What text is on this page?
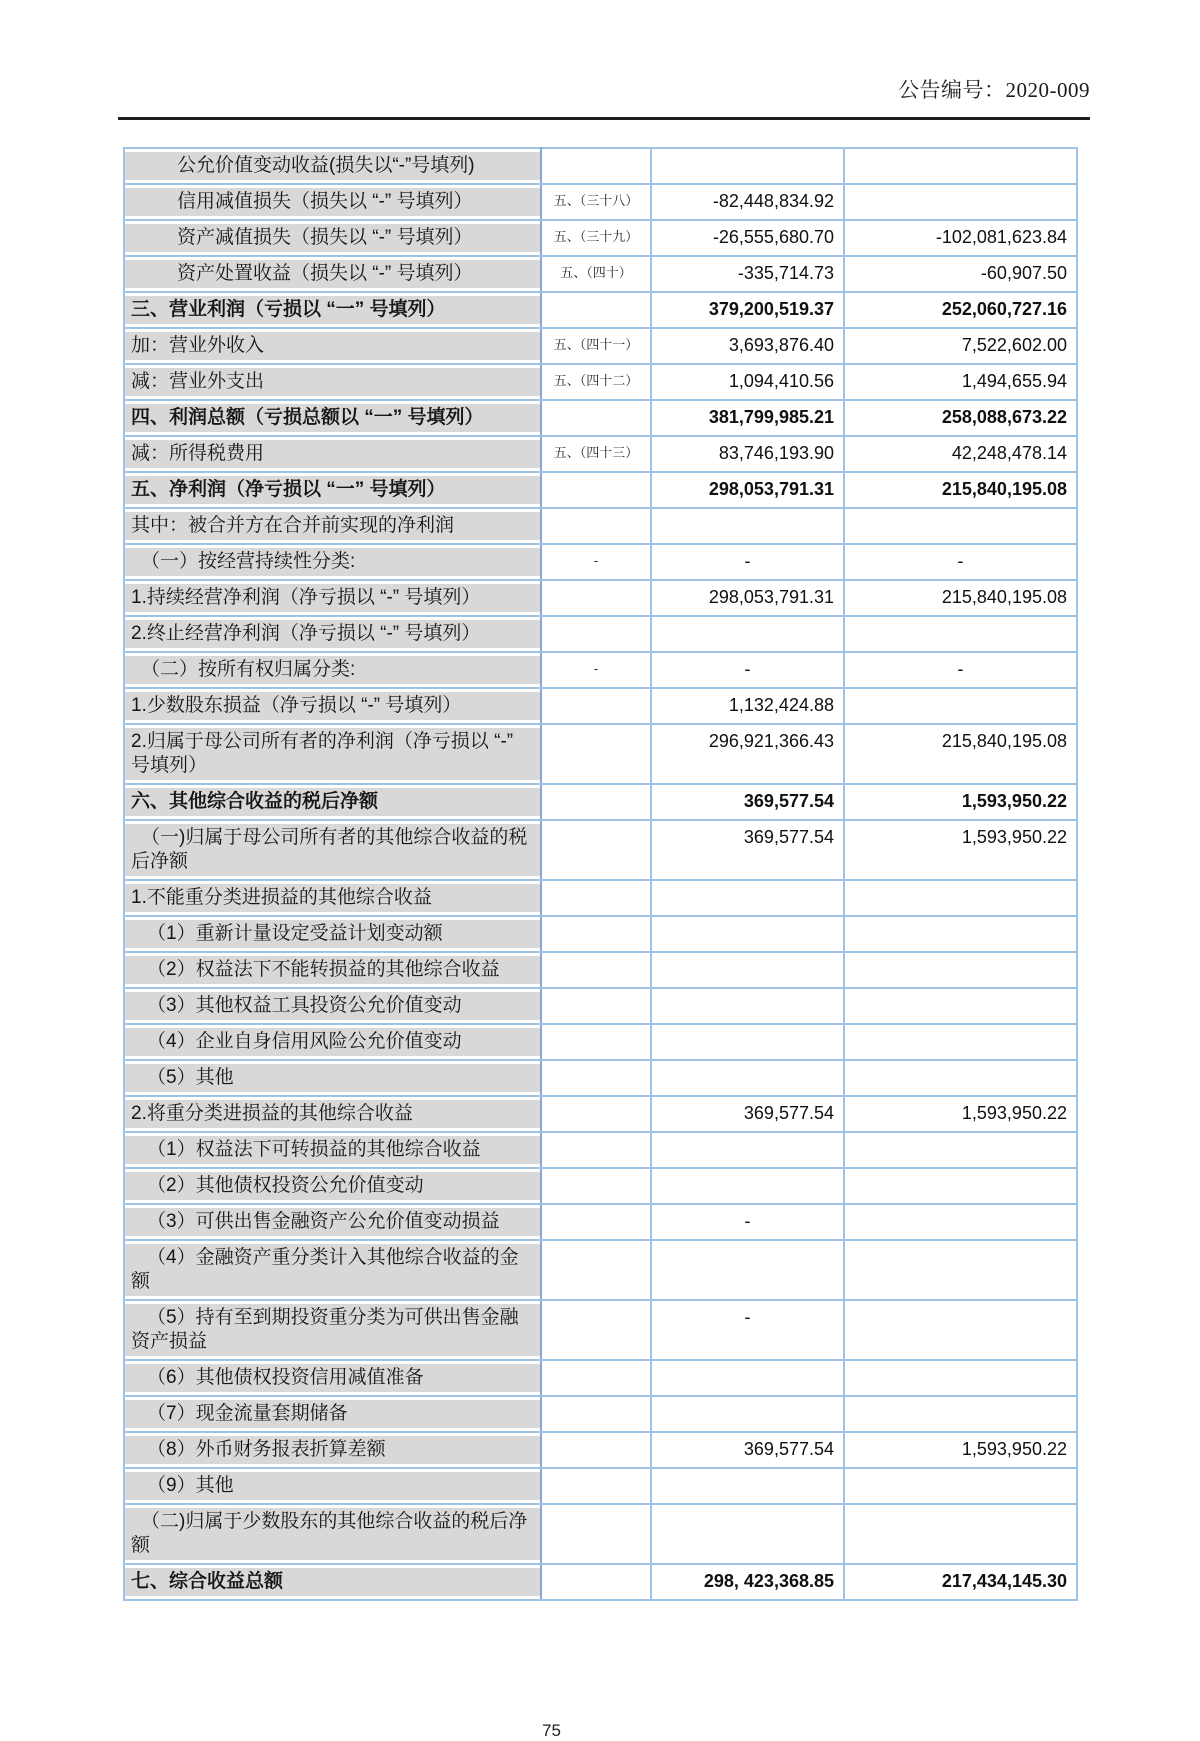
公告编号：2020-009
公允价值变动收益(损失以“-”号填列)			

信用减值损失（损失以 “-” 号填列）	五、（三十八）	-82,448,834.92	

资产减值损失（损失以 “-” 号填列）	五、（三十九）	-26,555,680.70	-102,081,623.84

资产处置收益（损失以 “-” 号填列）	五、（四十）	-335,714.73	-60,907.50

三、营业利润（亏损以 “一” 号填列）		379,200,519.37	252,060,727.16

加：营业外收入	五、（四十一）	3,693,876.40	7,522,602.00

减：营业外支出	五、（四十二）	1,094,410.56	1,494,655.94

四、利润总额（亏损总额以 “一” 号填列）		381,799,985.21	258,088,673.22

减：所得税费用	五、（四十三）	83,746,193.90	42,248,478.14

五、净利润（净亏损以 “一” 号填列）		298,053,791.31	215,840,195.08

其中：被合并方在合并前实现的净利润			

（一）按经营持续性分类:	-	-	-

1.持续经营净利润（净亏损以 “-” 号填列）		298,053,791.31	215,840,195.08

2.终止经营净利润（净亏损以 “-” 号填列）			

（二）按所有权归属分类:	-	-	-

1.少数股东损益（净亏损以 “-” 号填列）		1,132,424.88	

2.归属于母公司所有者的净利润（净亏损以 “-” 号填列）		296,921,366.43	215,840,195.08

六、其他综合收益的税后净额		369,577.54	1,593,950.22

（一)归属于母公司所有者的其他综合收益的税后净额		369,577.54	1,593,950.22

1.不能重分类进损益的其他综合收益			

（1）重新计量设定受益计划变动额			

（2）权益法下不能转损益的其他综合收益			

（3）其他权益工具投资公允价值变动			

（4）企业自身信用风险公允价值变动			

（5）其他			

2.将重分类进损益的其他综合收益		369,577.54	1,593,950.22

（1）权益法下可转损益的其他综合收益			

（2）其他债权投资公允价值变动			

（3）可供出售金融资产公允价值变动损益		-	

（4）金融资产重分类计入其他综合收益的金额			

（5）持有至到期投资重分类为可供出售金融资产损益		-	

（6）其他债权投资信用减值准备			

（7）现金流量套期储备			

（8）外币财务报表折算差额		369,577.54	1,593,950.22

（9）其他			

（二)归属于少数股东的其他综合收益的税后净额			

七、综合收益总额		298, 423,368.85	217,434,145.30
75
